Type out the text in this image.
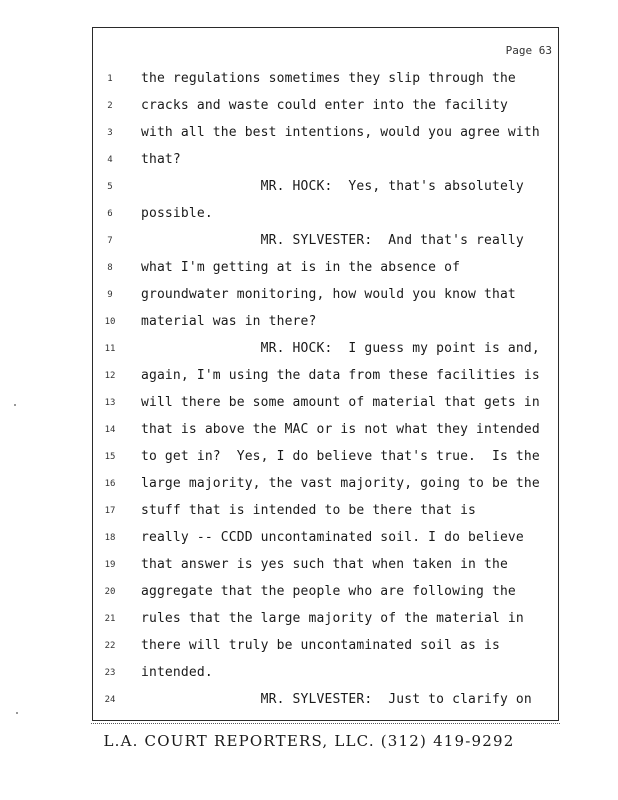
Page 63
1	the regulations sometimes they slip through the
2	cracks and waste could enter into the facility
3	with all the best intentions, would you agree with
4	that?
5	MR. HOCK:  Yes, that's absolutely
6	possible.
7	MR. SYLVESTER:  And that's really
8	what I'm getting at is in the absence of
9	groundwater monitoring, how would you know that
10	material was in there?
11	MR. HOCK:  I guess my point is and,
12	again, I'm using the data from these facilities is
13	will there be some amount of material that gets in
14	that is above the MAC or is not what they intended
15	to get in?  Yes, I do believe that's true.  Is the
16	large majority, the vast majority, going to be the
17	stuff that is intended to be there that is
18	really -- CCDD uncontaminated soil. I do believe
19	that answer is yes such that when taken in the
20	aggregate that the people who are following the
21	rules that the large majority of the material in
22	there will truly be uncontaminated soil as is
23	intended.
24	MR. SYLVESTER:  Just to clarify on
L.A. COURT REPORTERS, LLC. (312) 419-9292
